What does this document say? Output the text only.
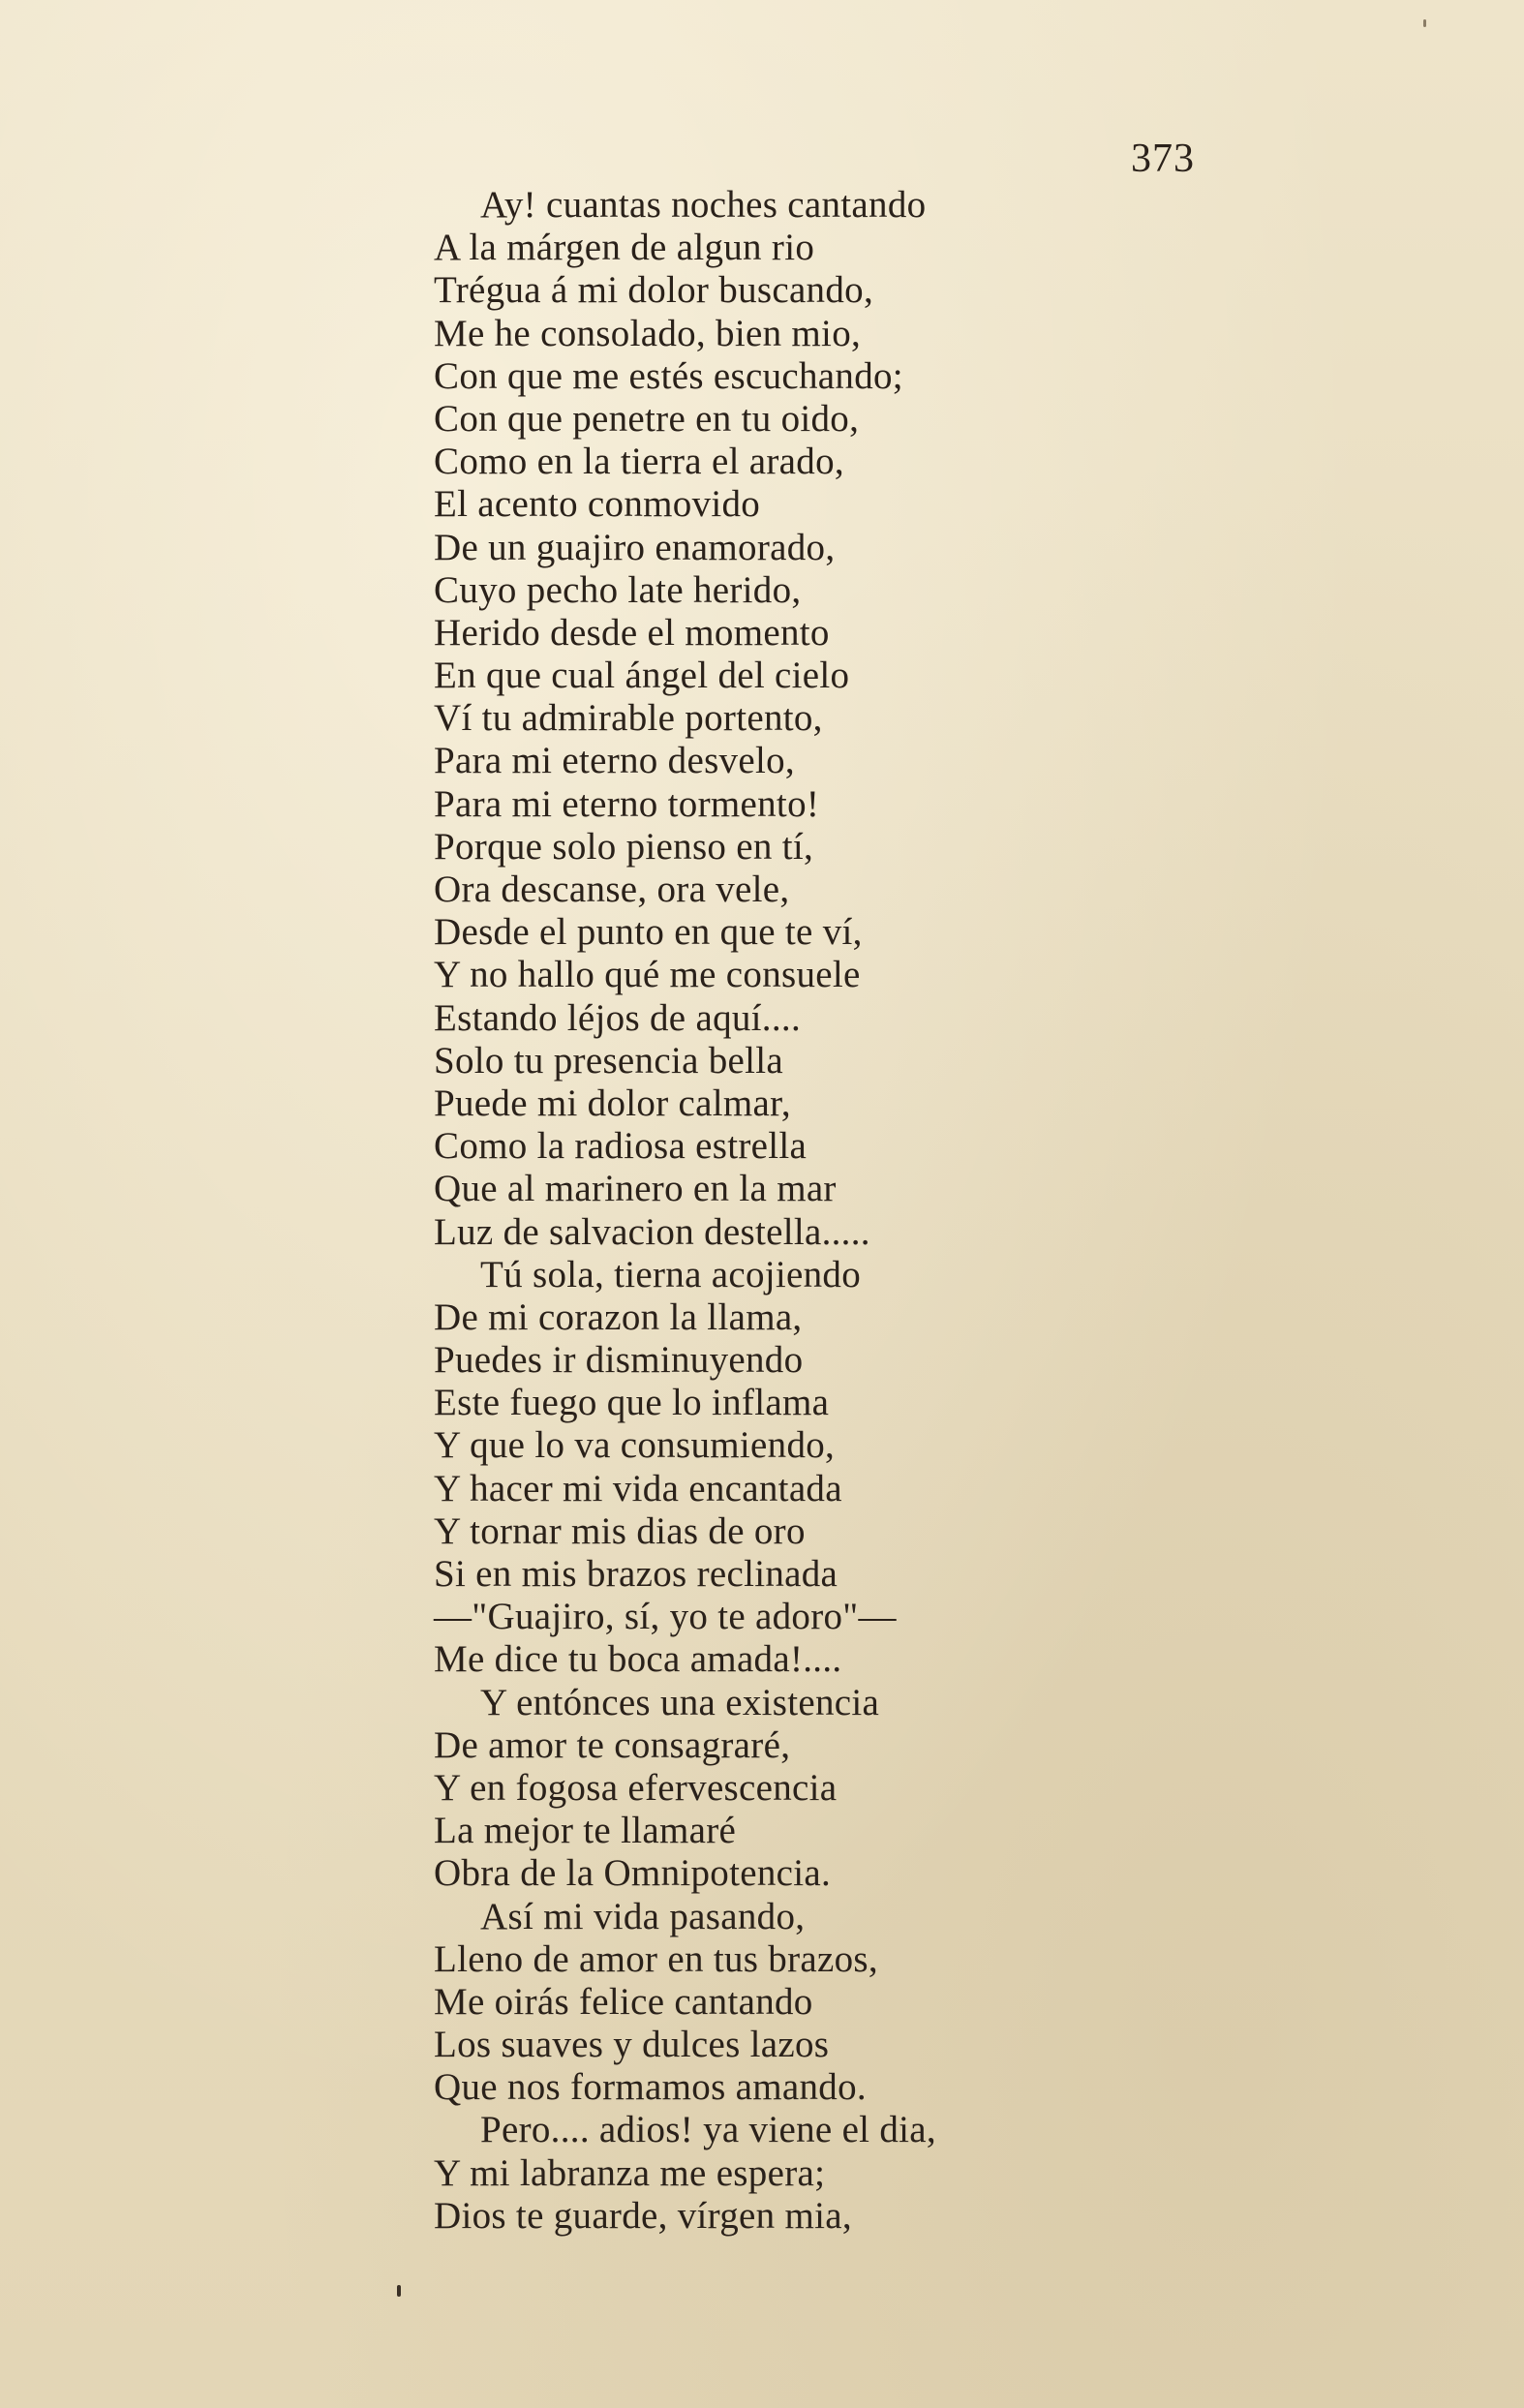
373
Ay! cuantas noches cantando
A la márgen de algun rio
Trégua á mi dolor buscando,
Me he consolado, bien mio,
Con que me estés escuchando;
Con que penetre en tu oido,
Como en la tierra el arado,
El acento conmovido
De un guajiro enamorado,
Cuyo pecho late herido,
Herido desde el momento
En que cual ángel del cielo
Ví tu admirable portento,
Para mi eterno desvelo,
Para mi eterno tormento!
Porque solo pienso en tí,
Ora descanse, ora vele,
Desde el punto en que te ví,
Y no hallo qué me consuele
Estando léjos de aquí....
Solo tu presencia bella
Puede mi dolor calmar,
Como la radiosa estrella
Que al marinero en la mar
Luz de salvacion destella.....
Tú sola, tierna acojiendo
De mi corazon la llama,
Puedes ir disminuyendo
Este fuego que lo inflama
Y que lo va consumiendo,
Y hacer mi vida encantada
Y tornar mis dias de oro
Si en mis brazos reclinada
—"Guajiro, sí, yo te adoro"—
Me dice tu boca amada!....
Y entónces una existencia
De amor te consagraré,
Y en fogosa efervescencia
La mejor te llamaré
Obra de la Omnipotencia.
Así mi vida pasando,
Lleno de amor en tus brazos,
Me oirás felice cantando
Los suaves y dulces lazos
Que nos formamos amando.
Pero.... adios! ya viene el dia,
Y mi labranza me espera;
Dios te guarde, vírgen mia,
